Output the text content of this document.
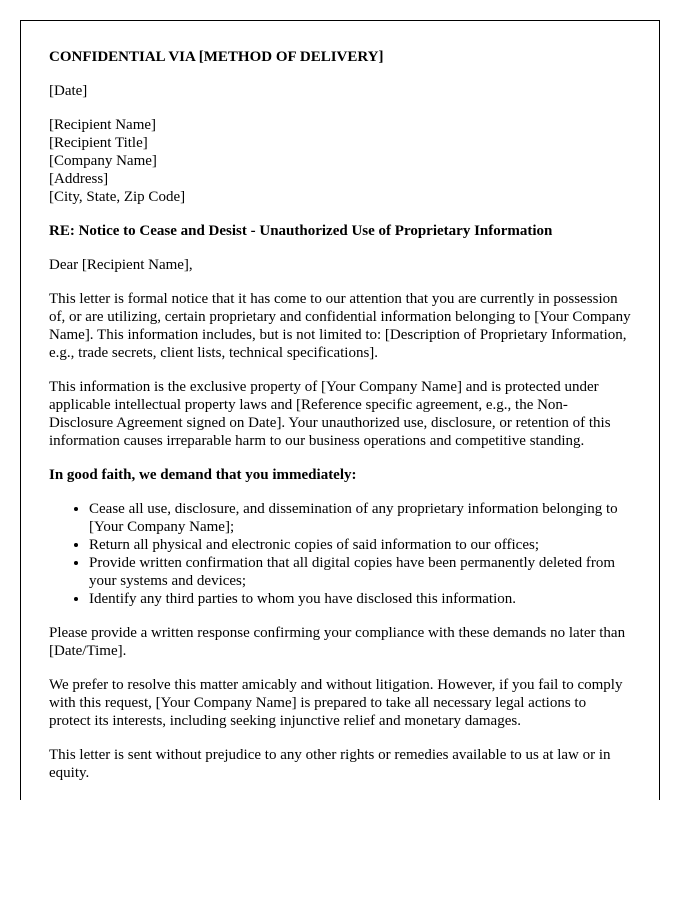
CONFIDENTIAL VIA [METHOD OF DELIVERY]

[Date]

[Recipient Name]
[Recipient Title]
[Company Name]
[Address]
[City, State, Zip Code]

RE: Notice to Cease and Desist - Unauthorized Use of Proprietary Information

Dear [Recipient Name],

This letter is formal notice that it has come to our attention that you are currently in possession of, or are utilizing, certain proprietary and confidential information belonging to [Your Company Name]. This information includes, but is not limited to: [Description of Proprietary Information, e.g., trade secrets, client lists, technical specifications].

This information is the exclusive property of [Your Company Name] and is protected under applicable intellectual property laws and [Reference specific agreement, e.g., the Non-Disclosure Agreement signed on Date]. Your unauthorized use, disclosure, or retention of this information causes irreparable harm to our business operations and competitive standing.

In good faith, we demand that you immediately:

• Cease all use, disclosure, and dissemination of any proprietary information belonging to [Your Company Name];
• Return all physical and electronic copies of said information to our offices;
• Provide written confirmation that all digital copies have been permanently deleted from your systems and devices;
• Identify any third parties to whom you have disclosed this information.

Please provide a written response confirming your compliance with these demands no later than [Date/Time].

We prefer to resolve this matter amicably and without litigation. However, if you fail to comply with this request, [Your Company Name] is prepared to take all necessary legal actions to protect its interests, including seeking injunctive relief and monetary damages.

This letter is sent without prejudice to any other rights or remedies available to us at law or in equity.
